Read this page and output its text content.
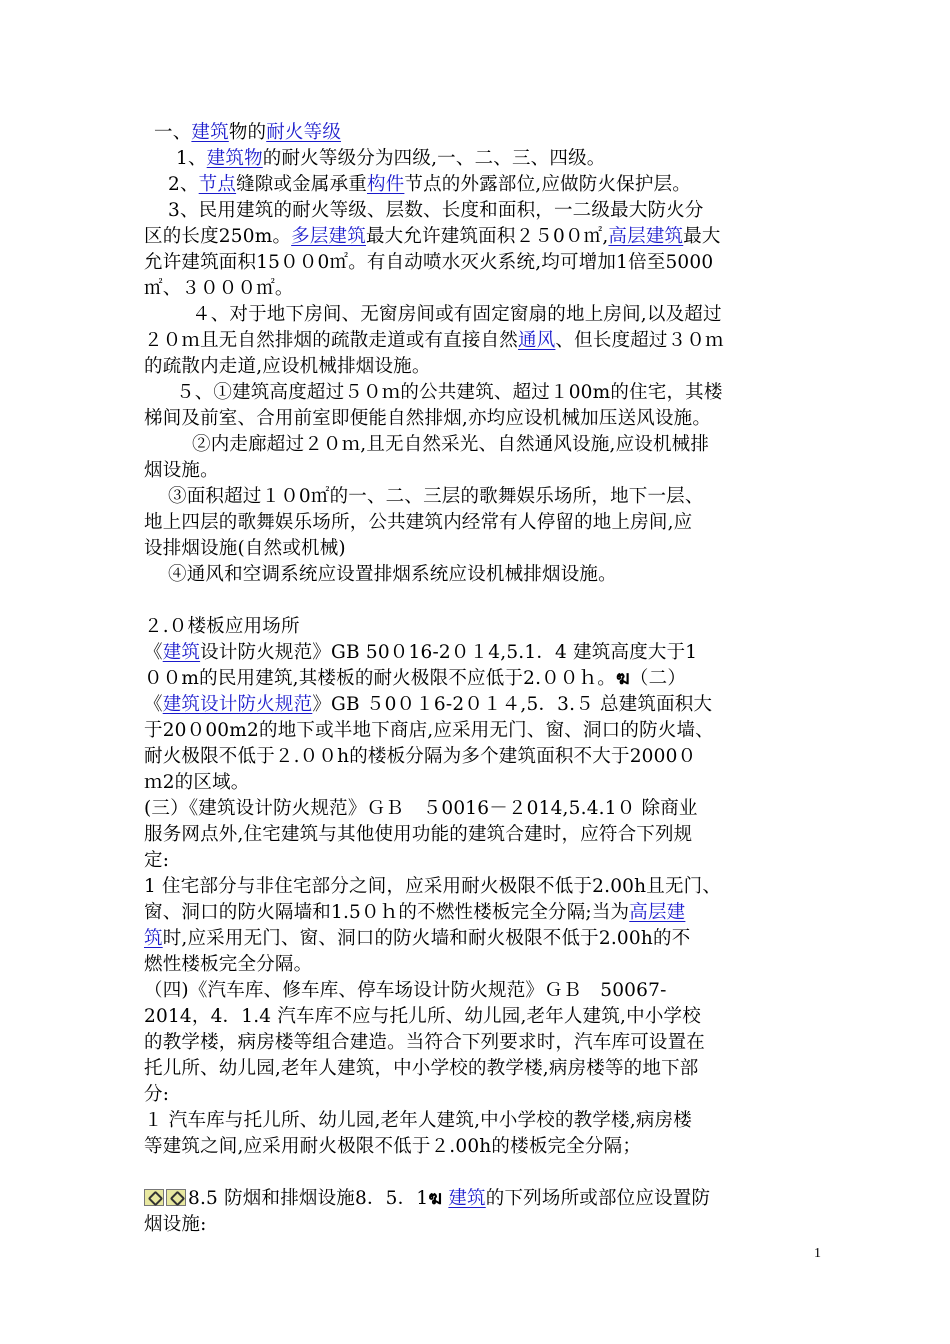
一、建筑物的耐火等级

1、建筑物的耐火等级分为四级,一、二、三、四级。

2、节点缝隙或金属承重构件节点的外露部位,应做防火保护层。

3、民用建筑的耐火等级、层数、长度和面积，一二级最大防火分

区的长度250m。多层建筑最大允许建筑面积２５0０㎡,高层建筑最大

允许建筑面积15００0㎡。有自动喷水灭火系统,均可增加1倍至5000

㎡、３０００㎡。

４、对于地下房间、无窗房间或有固定窗扇的地上房间,以及超过

２０ｍ且无自然排烟的疏散走道或有直接自然通风、但长度超过３０ｍ

的疏散内走道,应设机械排烟设施。

５、①建筑高度超过５０ｍ的公共建筑、超过１00m的住宅，其楼

梯间及前室、合用前室即便能自然排烟,亦均应设机械加压送风设施。

②内走廊超过２０ｍ,且无自然采光、自然通风设施,应设机械排

烟设施。

③面积超过１０0㎡的一、二、三层的歌舞娱乐场所，地下一层、

地上四层的歌舞娱乐场所，公共建筑内经常有人停留的地上房间,应

设排烟设施(自然或机械)

④通风和空调系统应设置排烟系统应设机械排烟设施。

２.０楼板应用场所

《建筑设计防火规范》GB 50０16-2０１4,5.1．4 建筑高度大于1

００m的民用建筑,其楼板的耐火极限不应低于2.００ｈ。ฆ（二）

《建筑设计防火规范》GB ５0０１6-2０１４,5．3.５ 总建筑面积大

于20０00m2的地下或半地下商店,应采用无门、窗、洞口的防火墙、

耐火极限不低于２.００h的楼板分隔为多个建筑面积不大于2000０

ｍ2的区域。

(三）《建筑设计防火规范》ＧＢ　５0016－２014,5.4.1０ 除商业

服务网点外,住宅建筑与其他使用功能的建筑合建时，应符合下列规

定:

1 住宅部分与非住宅部分之间，应采用耐火极限不低于2.00h且无门、

窗、洞口的防火隔墙和1.5０ｈ的不燃性楼板完全分隔;当为高层建

筑时,应采用无门、窗、洞口的防火墙和耐火极限不低于2.00h的不

燃性楼板完全分隔。

（四)《汽车库、修车库、停车场设计防火规范》ＧＢ　50067-

2014，4．1.4 汽车库不应与托儿所、幼儿园,老年人建筑,中小学校

的教学楼，病房楼等组合建造。当符合下列要求时，汽车库可设置在

托儿所、幼儿园,老年人建筑，中小学校的教学楼,病房楼等的地下部

分:

１ 汽车库与托儿所、幼儿园,老年人建筑,中小学校的教学楼,病房楼

等建筑之间,应采用耐火极限不低于２.00h的楼板完全分隔；

8.5 防烟和排烟设施8．5．1ฆ 建筑的下列场所或部位应设置防

烟设施:

1
